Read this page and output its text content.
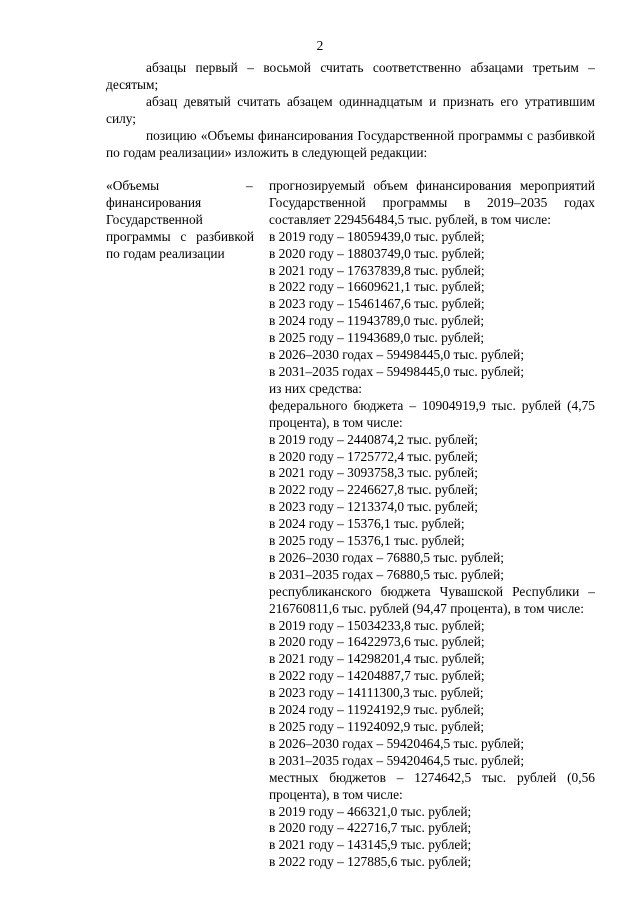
2

абзацы первый – восьмой считать соответственно абзацами третьим – десятым;

абзац девятый считать абзацем одиннадцатым и признать его утратившим силу;

позицию «Объемы финансирования Государственной программы с разбивкой по годам реализации» изложить в следующей редакции:

«Объемы финансирования Государственной программы с разбивкой по годам реализации
– прогнозируемый объем финансирования мероприятий Государственной программы в 2019–2035 годах составляет 229456484,5 тыс. рублей, в том числе:
в 2019 году – 18059439,0 тыс. рублей;
в 2020 году – 18803749,0 тыс. рублей;
в 2021 году – 17637839,8 тыс. рублей;
в 2022 году – 16609621,1 тыс. рублей;
в 2023 году – 15461467,6 тыс. рублей;
в 2024 году – 11943789,0 тыс. рублей;
в 2025 году – 11943689,0 тыс. рублей;
в 2026–2030 годах – 59498445,0 тыс. рублей;
в 2031–2035 годах – 59498445,0 тыс. рублей;
из них средства:
федерального бюджета – 10904919,9 тыс. рублей (4,75 процента), в том числе:
в 2019 году – 2440874,2 тыс. рублей;
в 2020 году – 1725772,4 тыс. рублей;
в 2021 году – 3093758,3 тыс. рублей;
в 2022 году – 2246627,8 тыс. рублей;
в 2023 году – 1213374,0 тыс. рублей;
в 2024 году – 15376,1 тыс. рублей;
в 2025 году – 15376,1 тыс. рублей;
в 2026–2030 годах – 76880,5 тыс. рублей;
в 2031–2035 годах – 76880,5 тыс. рублей;
республиканского бюджета Чувашской Республики – 216760811,6 тыс. рублей (94,47 процента), в том числе:
в 2019 году – 15034233,8 тыс. рублей;
в 2020 году – 16422973,6 тыс. рублей;
в 2021 году – 14298201,4 тыс. рублей;
в 2022 году – 14204887,7 тыс. рублей;
в 2023 году – 14111300,3 тыс. рублей;
в 2024 году – 11924192,9 тыс. рублей;
в 2025 году – 11924092,9 тыс. рублей;
в 2026–2030 годах – 59420464,5 тыс. рублей;
в 2031–2035 годах – 59420464,5 тыс. рублей;
местных бюджетов – 1274642,5 тыс. рублей (0,56 процента), в том числе:
в 2019 году – 466321,0 тыс. рублей;
в 2020 году – 422716,7 тыс. рублей;
в 2021 году – 143145,9 тыс. рублей;
в 2022 году – 127885,6 тыс. рублей;
